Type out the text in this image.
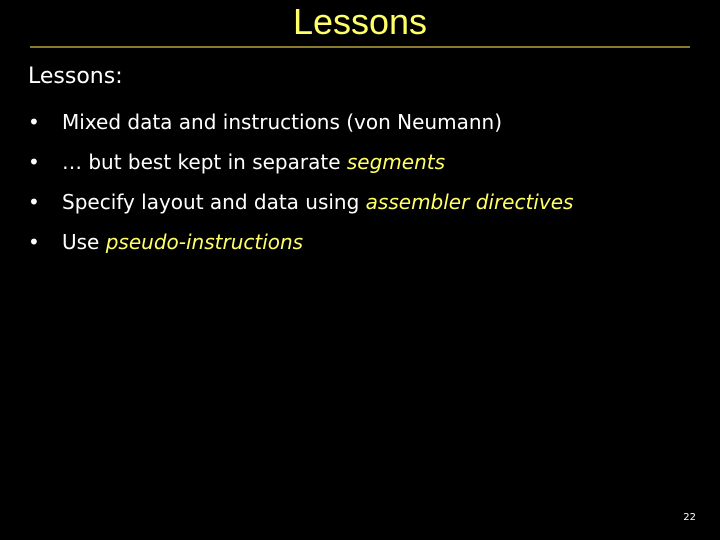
Lessons
Lessons:
• Mixed data and instructions (von Neumann)
• … but best kept in separate segments
• Specify layout and data using assembler directives
• Use pseudo-instructions
22
